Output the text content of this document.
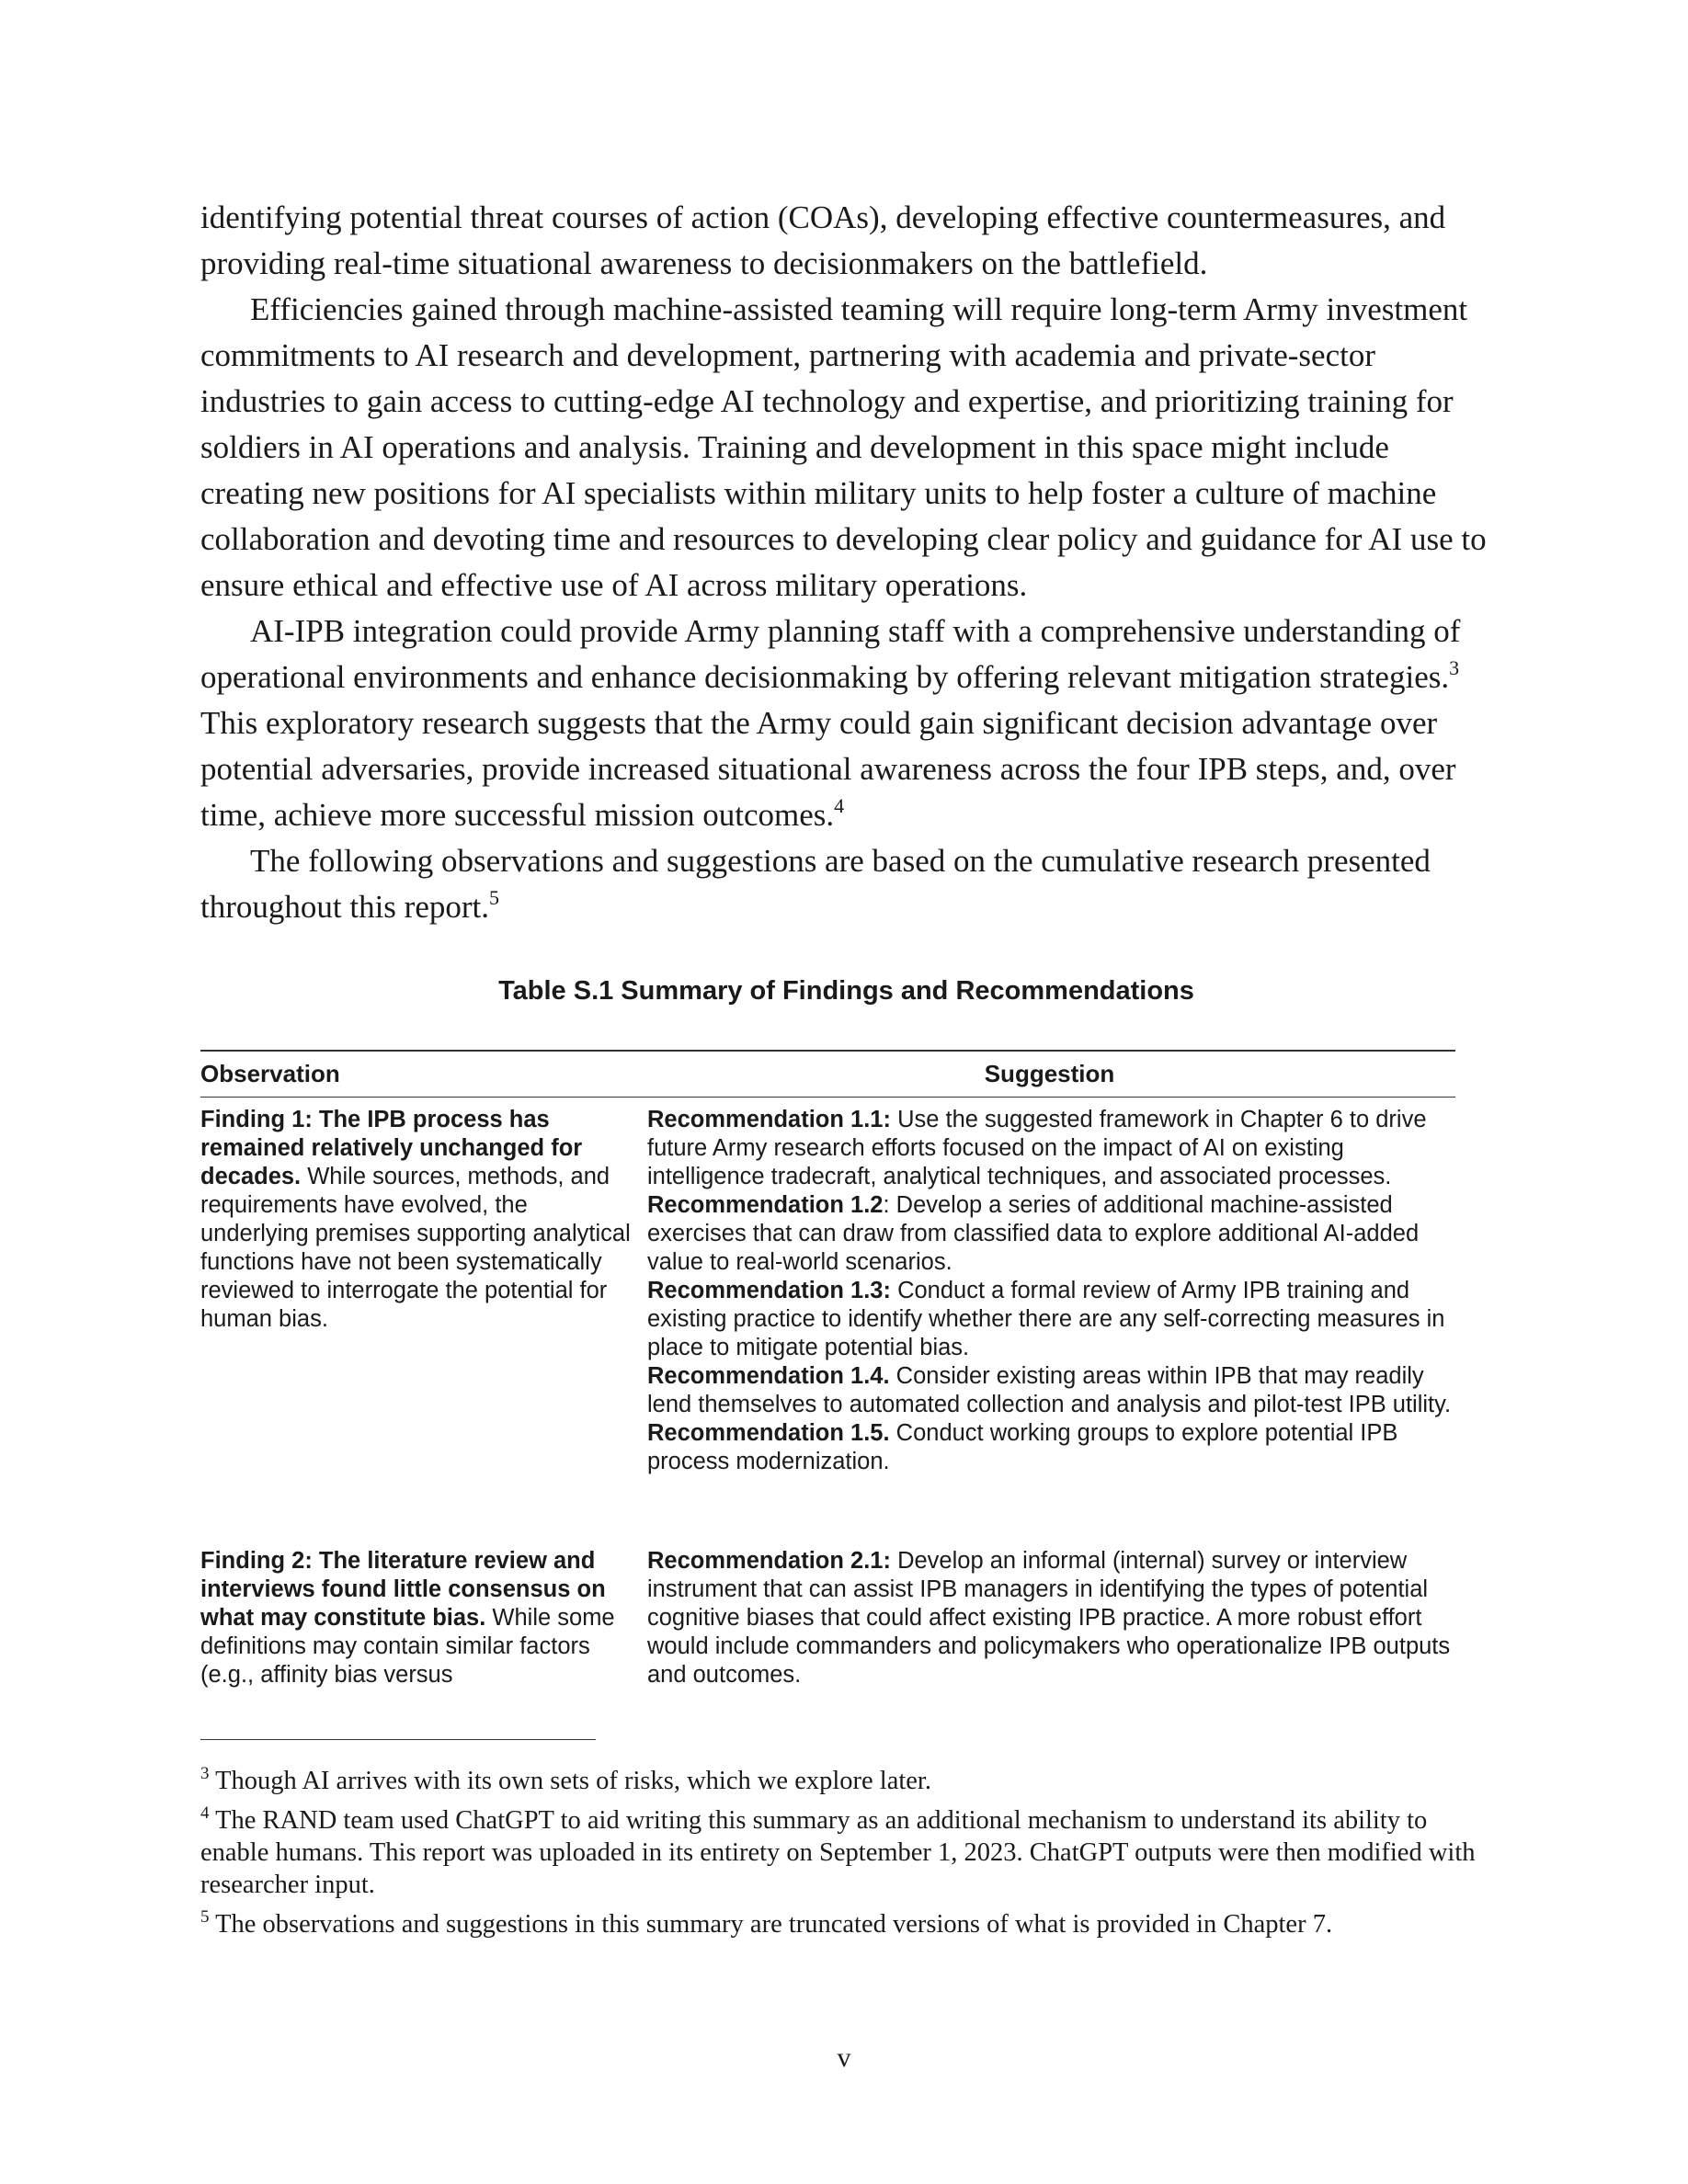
identifying potential threat courses of action (COAs), developing effective countermeasures, and providing real-time situational awareness to decisionmakers on the battlefield.

Efficiencies gained through machine-assisted teaming will require long-term Army investment commitments to AI research and development, partnering with academia and private-sector industries to gain access to cutting-edge AI technology and expertise, and prioritizing training for soldiers in AI operations and analysis. Training and development in this space might include creating new positions for AI specialists within military units to help foster a culture of machine collaboration and devoting time and resources to developing clear policy and guidance for AI use to ensure ethical and effective use of AI across military operations.

AI-IPB integration could provide Army planning staff with a comprehensive understanding of operational environments and enhance decisionmaking by offering relevant mitigation strategies.$^3$ This exploratory research suggests that the Army could gain significant decision advantage over potential adversaries, provide increased situational awareness across the four IPB steps, and, over time, achieve more successful mission outcomes.$^4$

The following observations and suggestions are based on the cumulative research presented throughout this report.$^5$

Table S.1 Summary of Findings and Recommendations
Observation	Suggestion
Finding 1: The IPB process has remained relatively unchanged for decades. While sources, methods, and requirements have evolved, the underlying premises supporting analytical functions have not been systematically reviewed to interrogate the potential for human bias.
Recommendation 1.1: Use the suggested framework in Chapter 6 to drive future Army research efforts focused on the impact of AI on existing intelligence tradecraft, analytical techniques, and associated processes.
Recommendation 1.2: Develop a series of additional machine-assisted exercises that can draw from classified data to explore additional AI-added value to real-world scenarios.
Recommendation 1.3: Conduct a formal review of Army IPB training and existing practice to identify whether there are any self-correcting measures in place to mitigate potential bias.
Recommendation 1.4. Consider existing areas within IPB that may readily lend themselves to automated collection and analysis and pilot-test IPB utility.
Recommendation 1.5. Conduct working groups to explore potential IPB process modernization.
Finding 2: The literature review and interviews found little consensus on what may constitute bias. While some definitions may contain similar factors (e.g., affinity bias versus
Recommendation 2.1: Develop an informal (internal) survey or interview instrument that can assist IPB managers in identifying the types of potential cognitive biases that could affect existing IPB practice. A more robust effort would include commanders and policymakers who operationalize IPB outputs and outcomes.

$^3$ Though AI arrives with its own sets of risks, which we explore later.

$^4$ The RAND team used ChatGPT to aid writing this summary as an additional mechanism to understand its ability to enable humans. This report was uploaded in its entirety on September 1, 2023. ChatGPT outputs were then modified with researcher input.

$^5$ The observations and suggestions in this summary are truncated versions of what is provided in Chapter 7.

v
